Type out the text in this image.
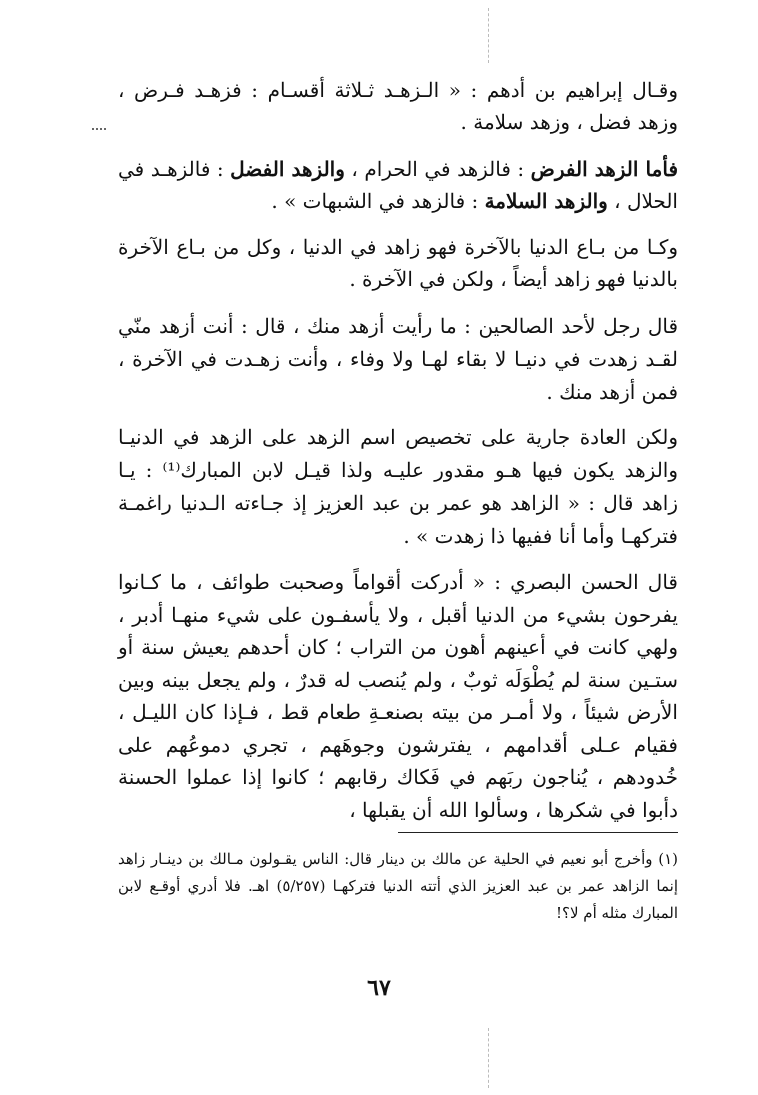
وقـال إبراهيم بن أدهم : « الـزهـد ثـلاثة أقسـام : فزهـد فـرض ، وزهد فضل ، وزهد سلامة .

فأما الزهد الفرض : فالزهد في الحرام ، والزهد الفضل : فالزهـد في الحلال ، والزهد السلامة : فالزهد في الشبهات » .

وكـا من بـاع الدنيا بالآخرة فهو زاهد في الدنيا ، وكل من بـاع الآخرة بالدنيا فهو زاهد أيضاً ، ولكن في الآخرة .

قال رجل لأحد الصالحين : ما رأيت أزهد منك ، قال : أنت أزهد منّي لقـد زهدت في دنيـا لا بقاء لهـا ولا وفاء ، وأنت زهـدت في الآخرة ، فمن أزهد منك .

ولكن العادة جارية على تخصيص اسم الزهد على الزهد في الدنيـا والزهد يكون فيها هـو مقدور عليـه ولذا قيـل لابن المبارك⁽¹⁾ : يـا زاهد قال : « الزاهد هو عمر بن عبد العزيز إذ جـاءته الـدنيا راغمـة فتركهـا وأما أنا ففيها ذا زهدت » .

قال الحسن البصري : « أدركت أقواماً وصحبت طوائف ، ما كـانوا يفرحون بشيء من الدنيا أقبل ، ولا يأسفـون على شيء منهـا أدبر ، ولهي كانت في أعينهم أهون من التراب ؛ كان أحدهم يعيش سنة أو ستـين سنة لم يُطْوَلَه ثوبٌ ، ولم يُنصب له قدرٌ ، ولم يجعل بينه وبين الأرض شيئاً ، ولا أمـر من بيته بصنعـةِ طعام قط ، فـإذا كان الليـل ، فقيام عـلى أقدامهم ، يفترشون وجوهَهم ، تجري دموعُهم على خُدودهم ، يُناجون ربَهم في فَكاك رقابهم ؛ كانوا إذا عملوا الحسنة دأبوا في شكرها ، وسألوا الله أن يقبلها ،

(١) وأخرج أبو نعيم في الحلية عن مالك بن دينار قال: الناس يقـولون مـالك بن دينـار زاهد إنما الزاهد عمر بن عبد العزيز الذي أتته الدنيا فتركهـا (٥/٢٥٧) اهـ. فلا أدري أوقـع لابن المبارك مثله أم لا؟!

٦٧
